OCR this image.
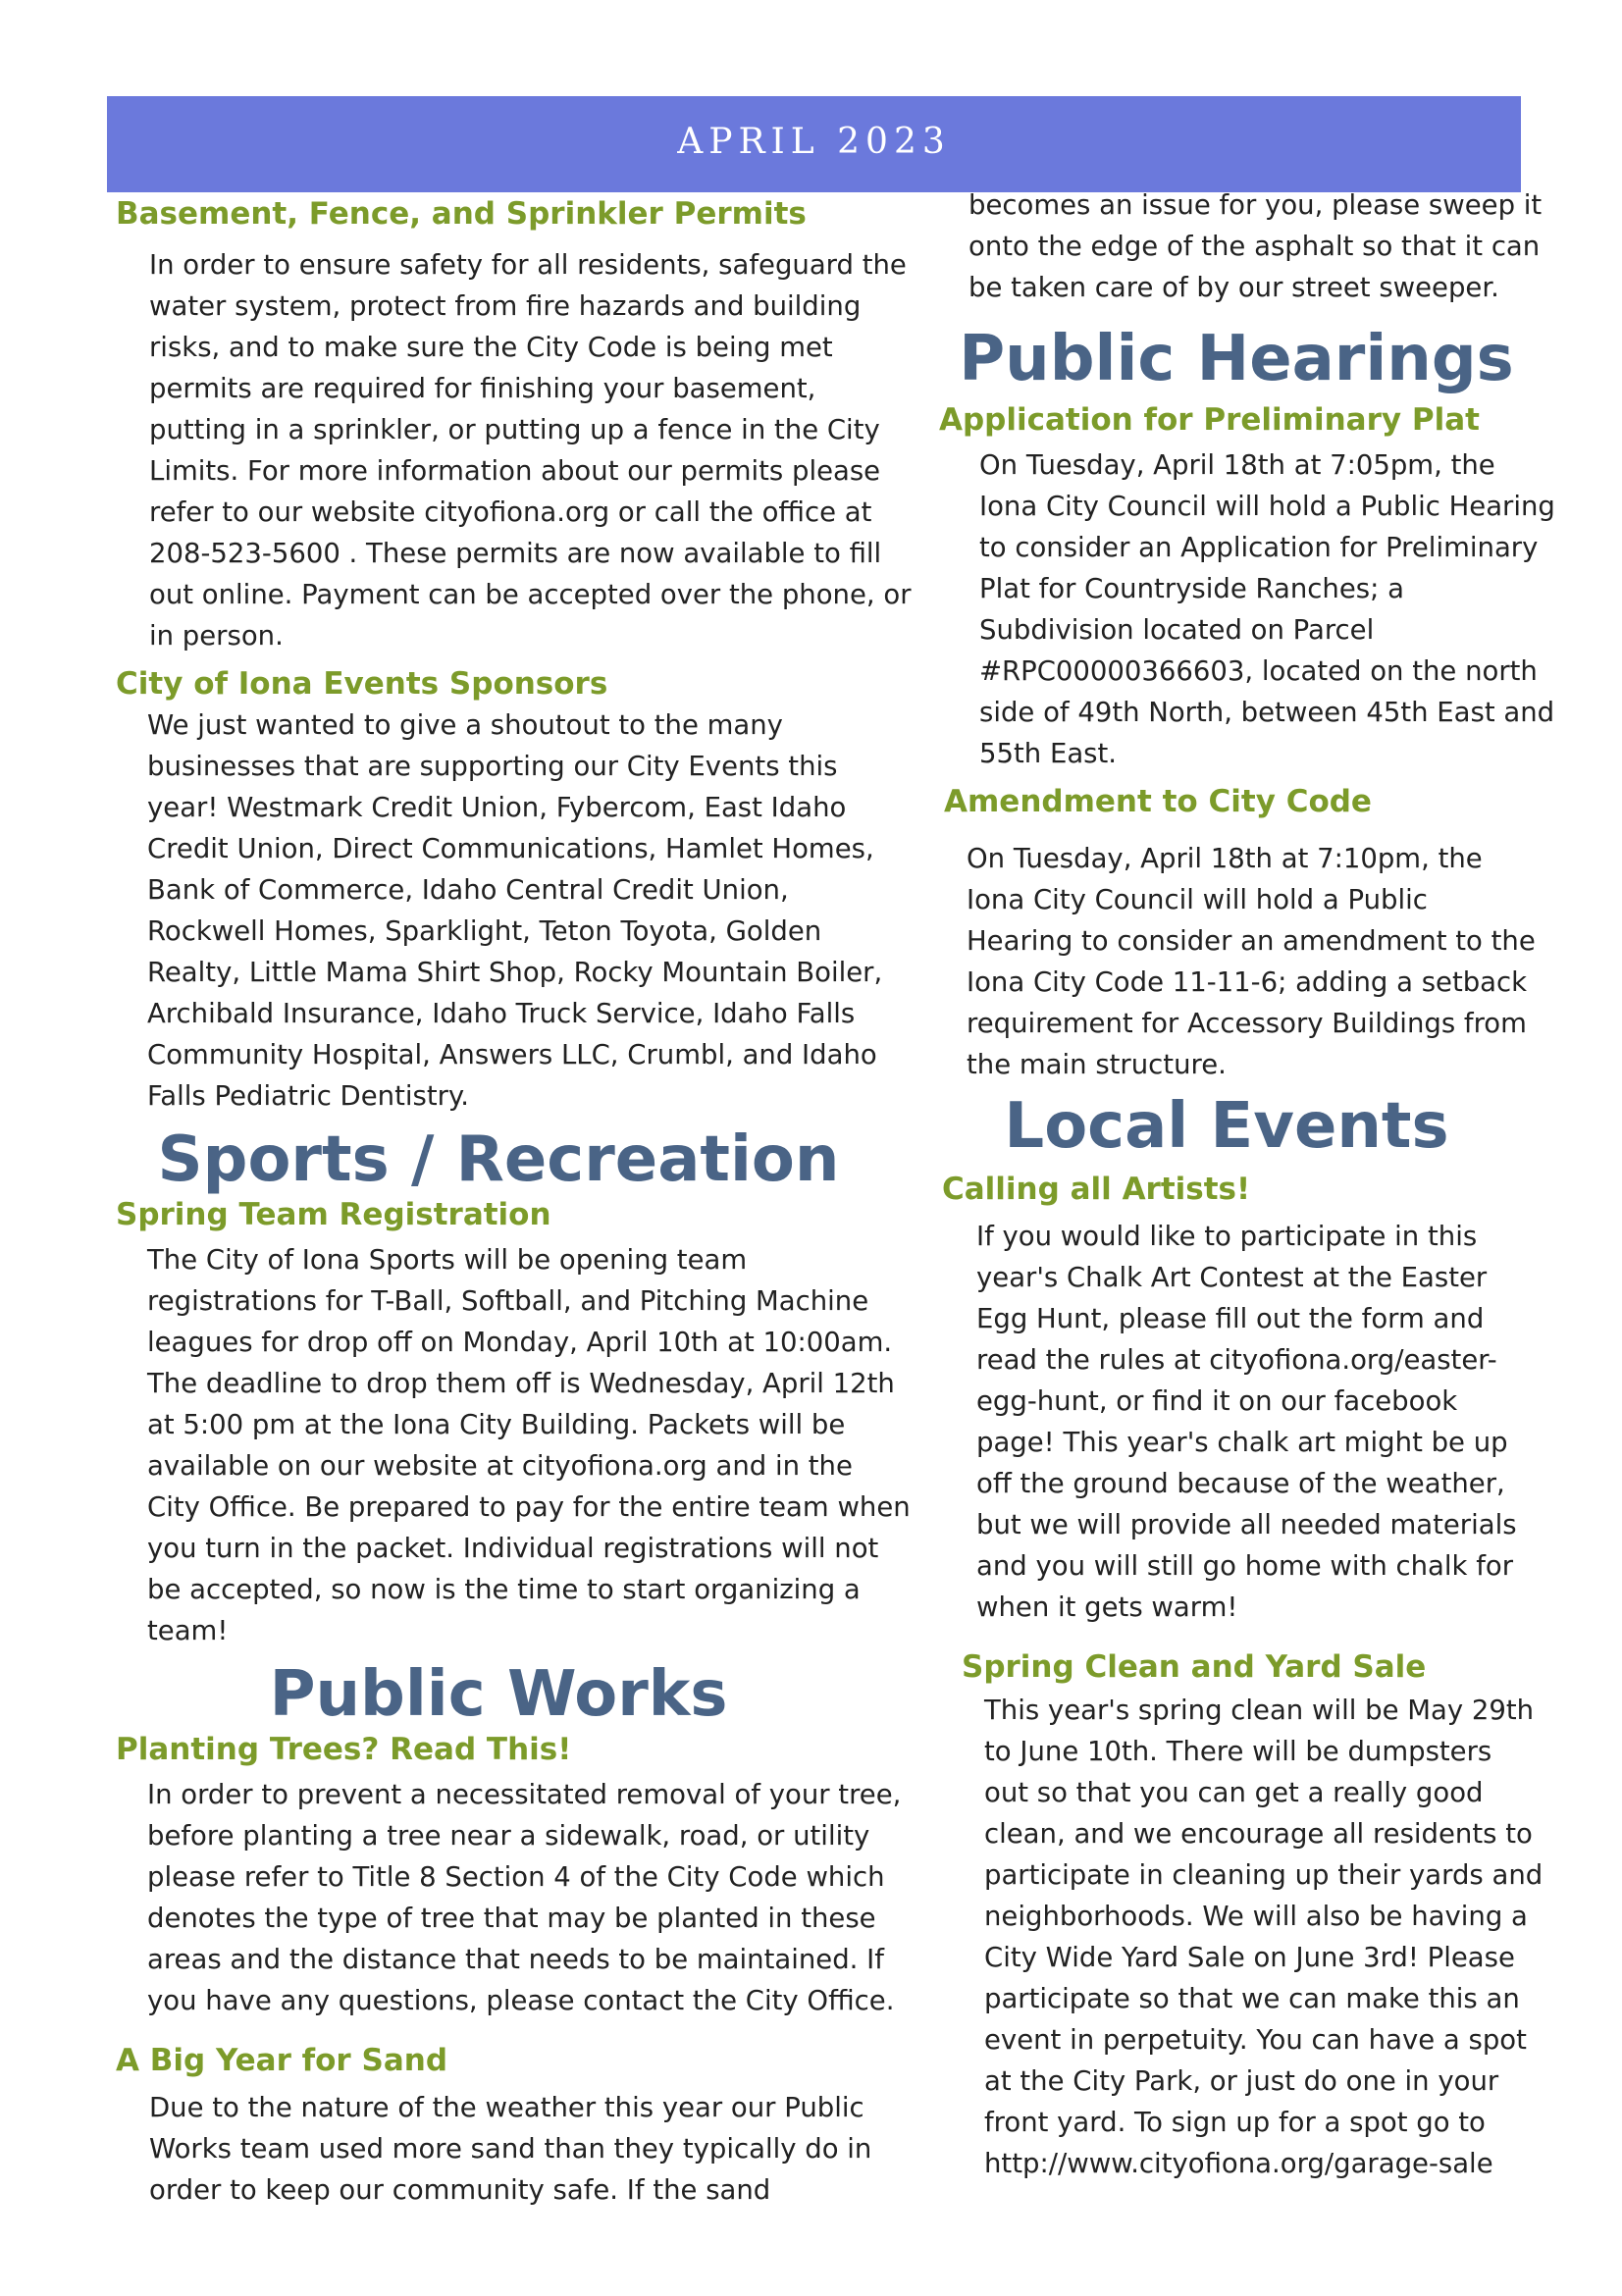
APRIL 2023
Basement, Fence, and Sprinkler Permits

In order to ensure safety for all residents, safeguard the water system, protect from fire hazards and building risks, and to make sure the City Code is being met permits are required for finishing your basement, putting in a sprinkler, or putting up a fence in the City Limits. For more information about our permits please refer to our website cityofiona.org or call the office at 208-523-5600 . These permits are now available to fill out online. Payment can be accepted over the phone, or in person.

City of Iona Events Sponsors

We just wanted to give a shoutout to the many businesses that are supporting our City Events this year! Westmark Credit Union, Fybercom, East Idaho Credit Union, Direct Communications, Hamlet Homes, Bank of Commerce, Idaho Central Credit Union, Rockwell Homes, Sparklight, Teton Toyota, Golden Realty, Little Mama Shirt Shop, Rocky Mountain Boiler, Archibald Insurance, Idaho Truck Service, Idaho Falls Community Hospital, Answers LLC, Crumbl, and Idaho Falls Pediatric Dentistry.

Sports / Recreation
Spring Team Registration

The City of Iona Sports will be opening team registrations for T-Ball, Softball, and Pitching Machine leagues for drop off on Monday, April 10th at 10:00am. The deadline to drop them off is Wednesday, April 12th at 5:00 pm at the Iona City Building. Packets will be available on our website at cityofiona.org and in the City Office. Be prepared to pay for the entire team when you turn in the packet. Individual registrations will not be accepted, so now is the time to start organizing a team!

Public Works
Planting Trees? Read This!

In order to prevent a necessitated removal of your tree, before planting a tree near a sidewalk, road, or utility please refer to Title 8 Section 4 of the City Code which denotes the type of tree that may be planted in these areas and the distance that needs to be maintained. If you have any questions, please contact the City Office.

A Big Year for Sand

Due to the nature of the weather this year our Public Works team used more sand than they typically do in order to keep our community safe. If the sand

becomes an issue for you, please sweep it onto the edge of the asphalt so that it can be taken care of by our street sweeper.

Public Hearings
Application for Preliminary Plat

On Tuesday, April 18th at 7:05pm, the Iona City Council will hold a Public Hearing to consider an Application for Preliminary Plat for Countryside Ranches; a Subdivision located on Parcel #RPC00000366603, located on the north side of 49th North, between 45th East and 55th East.

Amendment to City Code

On Tuesday, April 18th at 7:10pm, the Iona City Council will hold a Public Hearing to consider an amendment to the Iona City Code 11-11-6; adding a setback requirement for Accessory Buildings from the main structure.

Local Events
Calling all Artists!

If you would like to participate in this year's Chalk Art Contest at the Easter Egg Hunt, please fill out the form and read the rules at cityofiona.org/easter-egg-hunt, or find it on our facebook page! This year's chalk art might be up off the ground because of the weather, but we will provide all needed materials and you will still go home with chalk for when it gets warm!

Spring Clean and Yard Sale

This year's spring clean will be May 29th to June 10th. There will be dumpsters out so that you can get a really good clean, and we encourage all residents to participate in cleaning up their yards and neighborhoods. We will also be having a City Wide Yard Sale on June 3rd! Please participate so that we can make this an event in perpetuity. You can have a spot at the City Park, or just do one in your front yard. To sign up for a spot go to http://www.cityofiona.org/garage-sale
